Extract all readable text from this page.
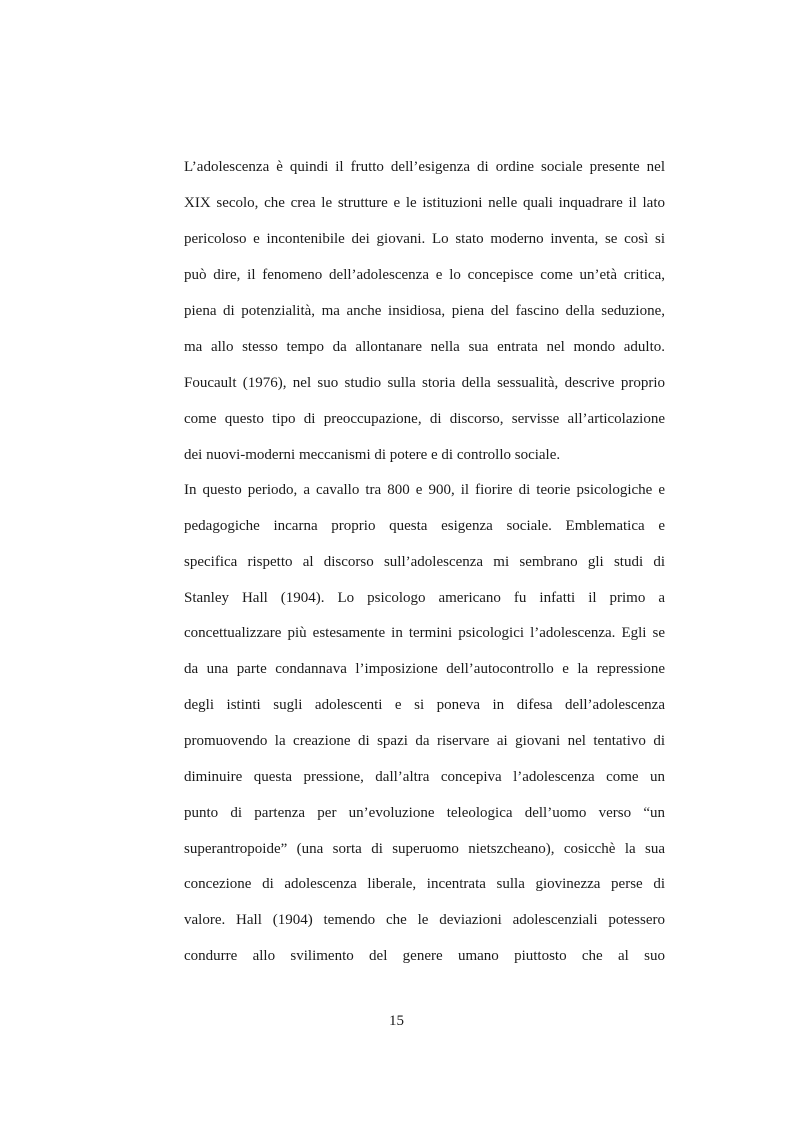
L’adolescenza è quindi il frutto dell’esigenza di ordine sociale presente nel
XIX secolo, che crea le strutture e le istituzioni nelle quali inquadrare il lato
pericoloso e incontenibile dei giovani. Lo stato moderno inventa, se così si
può dire, il fenomeno dell’adolescenza e lo concepisce come un’età critica,
piena di potenzialità, ma anche insidiosa, piena del fascino della seduzione,
ma allo stesso tempo da allontanare nella sua entrata nel mondo adulto.
Foucault (1976), nel suo studio sulla storia della sessualità, descrive proprio
come questo tipo di preoccupazione, di discorso, servisse all’articolazione
dei nuovi-moderni meccanismi di potere e di controllo sociale.
In questo periodo, a cavallo tra 800 e 900, il fiorire di teorie psicologiche e
pedagogiche incarna proprio questa esigenza sociale. Emblematica e
specifica rispetto al discorso sull’adolescenza mi sembrano gli studi di
Stanley Hall (1904). Lo psicologo americano fu infatti il primo a
concettualizzare più estesamente in termini psicologici l’adolescenza. Egli se
da una parte condannava l’imposizione dell’autocontrollo e la repressione
degli istinti sugli adolescenti e si poneva in difesa dell’adolescenza
promuovendo la creazione di spazi da riservare ai giovani nel tentativo di
diminuire questa pressione, dall’altra concepiva l’adolescenza come un
punto di partenza per un’evoluzione teleologica dell’uomo verso “un
superantropoide” (una sorta di superuomo nietszcheano), cosicchè la sua
concezione di adolescenza liberale, incentrata sulla giovinezza perse di
valore. Hall (1904) temendo che le deviazioni adolescenziali potessero
condurre allo svilimento del genere umano piuttosto che al suo
15
